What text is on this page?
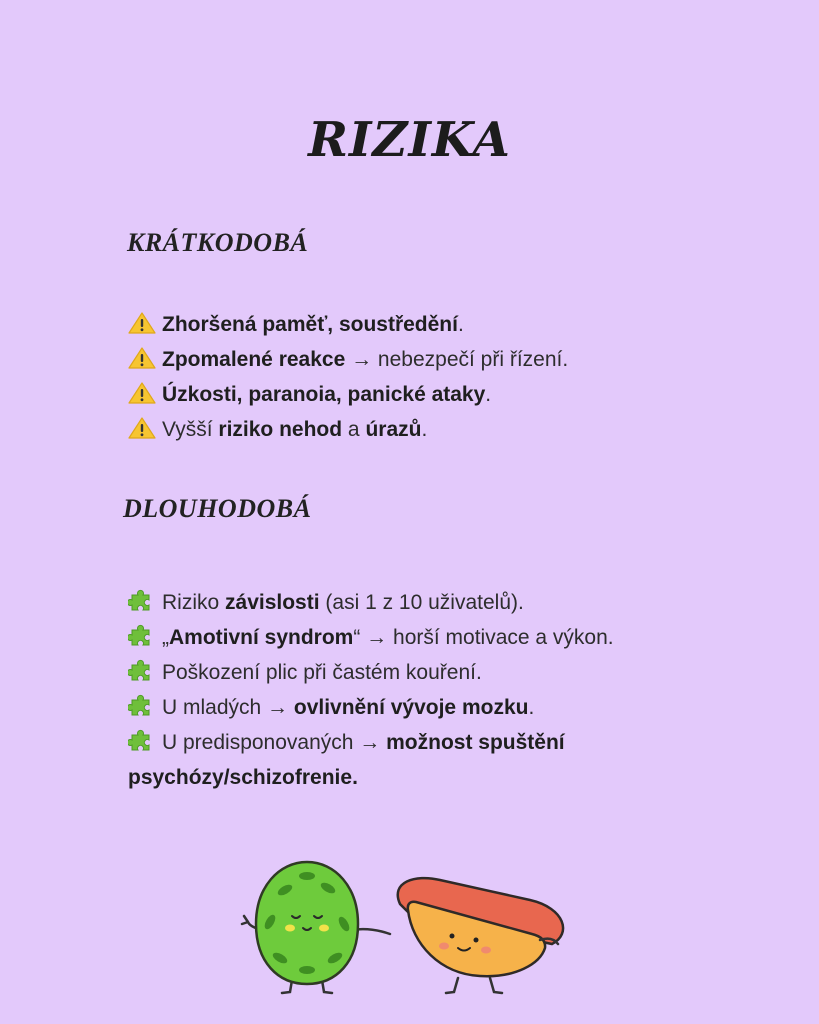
RIZIKA
KRÁTKODOBÁ
Zhoršená paměť, soustředění.
Zpomalené reakce → nebezpečí při řízení.
Úzkosti, paranoia, panické ataky.
Vyšší riziko nehod a úrazů.
DLOUHODOBÁ
Riziko závislosti (asi 1 z 10 uživatelů).
„Amotivní syndrom“ → horší motivace a výkon.
Poškození plic při častém kouření.
U mladých → ovlivnění vývoje mozku.
U predisponovaných → možnost spuštění psychózy/schizofrenie.
